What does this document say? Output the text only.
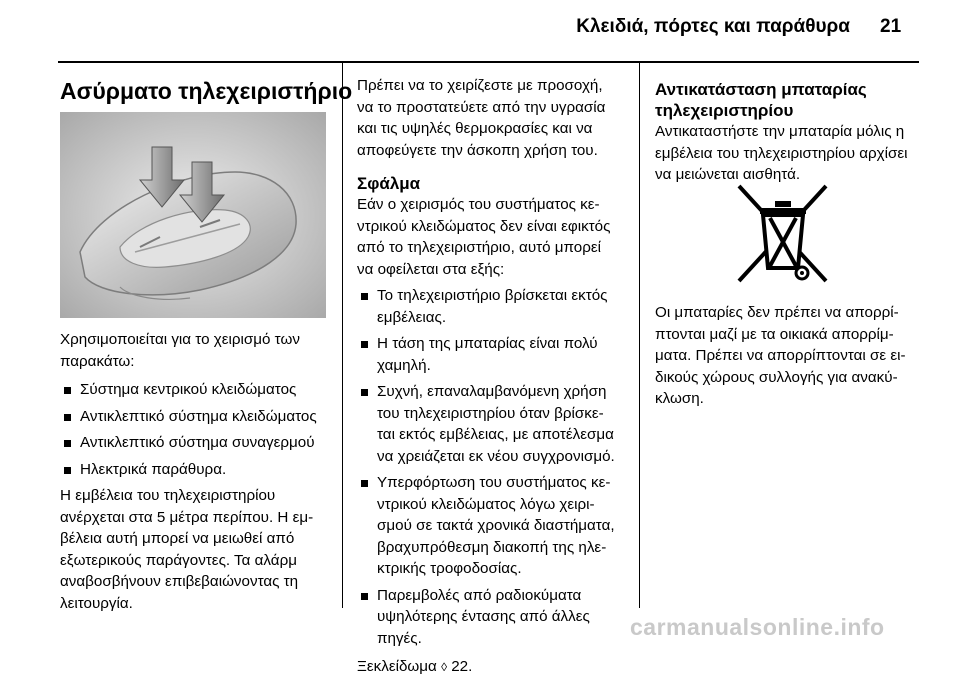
Κλειδιά, πόρτες και παράθυρα 21
Ασύρματο τηλεχειριστήριο
Χρησιμοποιείται για το χειρισμό των
παρακάτω:
Σύστημα κεντρικού κλειδώματος
Αντικλεπτικό σύστημα κλειδώματος
Αντικλεπτικό σύστημα συναγερμού
Ηλεκτρικά παράθυρα.
Η εμβέλεια του τηλεχειριστηρίου
ανέρχεται στα 5 μέτρα περίπου. Η εμ-
βέλεια αυτή μπορεί να μειωθεί από
εξωτερικούς παράγοντες. Τα αλάρμ
αναβοσβήνουν επιβεβαιώνοντας τη
λειτουργία.
Πρέπει να το χειρίζεστε με προσοχή,
να το προστατεύετε από την υγρασία
και τις υψηλές θερμοκρασίες και να
αποφεύγετε την άσκοπη χρήση του.
Σφάλμα
Εάν ο χειρισμός του συστήματος κε-
ντρικού κλειδώματος δεν είναι εφικτός
από το τηλεχειριστήριο, αυτό μπορεί
να οφείλεται στα εξής:
Το τηλεχειριστήριο βρίσκεται εκτός
εμβέλειας.
Η τάση της μπαταρίας είναι πολύ
χαμηλή.
Συχνή, επαναλαμβανόμενη χρήση
του τηλεχειριστηρίου όταν βρίσκε-
ται εκτός εμβέλειας, με αποτέλεσμα
να χρειάζεται εκ νέου συγχρονισμό.
Υπερφόρτωση του συστήματος κε-
ντρικού κλειδώματος λόγω χειρι-
σμού σε τακτά χρονικά διαστήματα,
βραχυπρόθεσμη διακοπή της ηλε-
κτρικής τροφοδοσίας.
Παρεμβολές από ραδιοκύματα
υψηλότερης έντασης από άλλες
πηγές.
Ξεκλείδωμα ◊ 22.
Αντικατάσταση μπαταρίας
τηλεχειριστηρίου
Αντικαταστήστε την μπαταρία μόλις η
εμβέλεια του τηλεχειριστηρίου αρχίσει
να μειώνεται αισθητά.
Οι μπαταρίες δεν πρέπει να απορρί-
πτονται μαζί με τα οικιακά απορρίμ-
ματα. Πρέπει να απορρίπτονται σε ει-
δικούς χώρους συλλογής για ανακύ-
κλωση.
carmanualsonline.info
